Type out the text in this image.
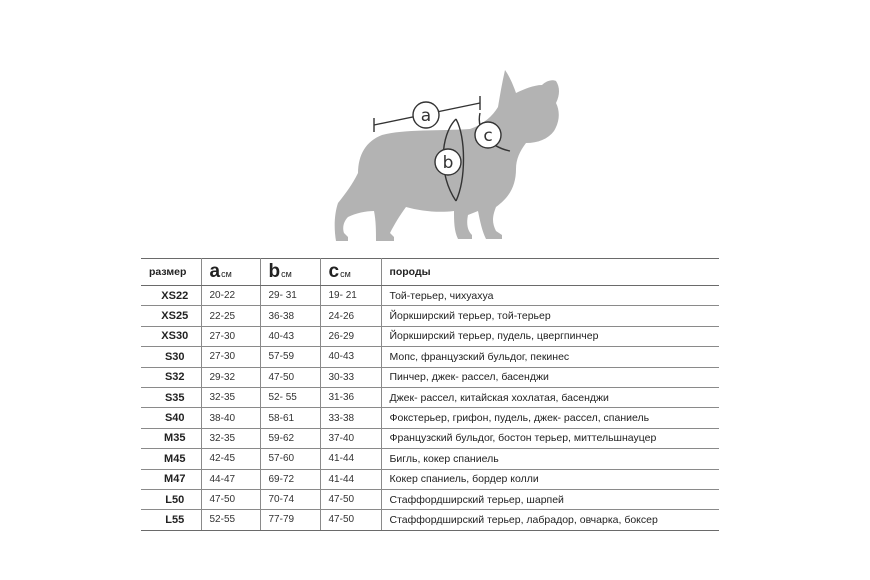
a
b
c
размер	aсм	bсм	cсм	породы
XS22	20-22	29- 31	19- 21	Той-терьер, чихуахуа
XS25	22-25	36-38	24-26	Йоркширский терьер, той-терьер
XS30	27-30	40-43	26-29	Йоркширский терьер, пудель, цвергпинчер
S30	27-30	57-59	40-43	Мопс, французский бульдог, пекинес
S32	29-32	47-50	30-33	Пинчер, джек- рассел, басенджи
S35	32-35	52- 55	31-36	Джек- рассел, китайская хохлатая, басенджи
S40	38-40	58-61	33-38	Фокстерьер, грифон, пудель, джек- рассел, спаниель
M35	32-35	59-62	37-40	Французский бульдог, бостон терьер, миттельшнауцер
M45	42-45	57-60	41-44	Бигль, кокер спаниель
M47	44-47	69-72	41-44	Кокер спаниель, бордер колли
L50	47-50	70-74	47-50	Стаффордширский терьер, шарпей
L55	52-55	77-79	47-50	Стаффордширский терьер, лабрадор, овчарка, боксер
